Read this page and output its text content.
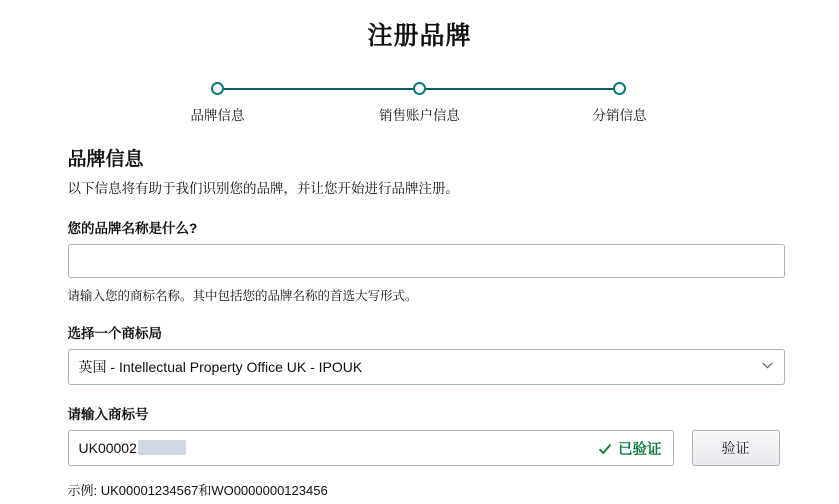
注册品牌
品牌信息	销售账户信息	分销信息
品牌信息
以下信息将有助于我们识别您的品牌，并让您开始进行品牌注册。
您的品牌名称是什么?
请输入您的商标名称。其中包括您的品牌名称的首选大写形式。
选择一个商标局
英国 - Intellectual Property Office UK - IPOUK
请输入商标号
UK00002
已验证	验证
示例: UK00001234567和WO0000000123456
